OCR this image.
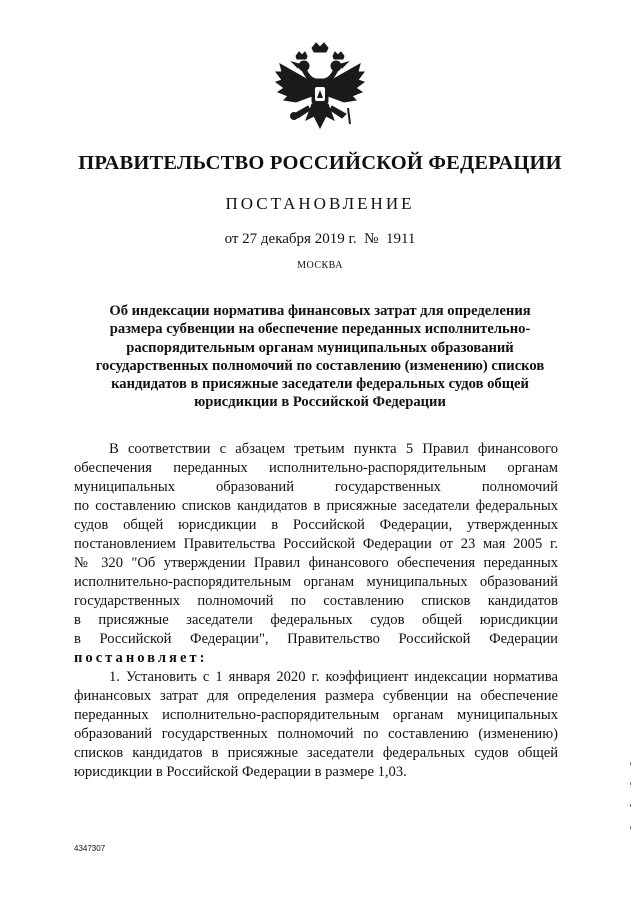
ПРАВИТЕЛЬСТВО РОССИЙСКОЙ ФЕДЕРАЦИИ
ПОСТАНОВЛЕНИЕ
от 27 декабря 2019 г.  №  1911
МОСКВА
Об индексации норматива финансовых затрат для определения
размера субвенции на обеспечение переданных исполнительно-
распорядительным органам муниципальных образований
государственных полномочий по составлению (изменению) списков
кандидатов в присяжные заседатели федеральных судов общей
юрисдикции в Российской Федерации
В соответствии с абзацем третьим пункта 5 Правил финансового
обеспечения переданных исполнительно-распорядительным органам
муниципальных образований государственных полномочий
по составлению списков кандидатов в присяжные заседатели федеральных
судов общей юрисдикции в Российской Федерации, утвержденных
постановлением Правительства Российской Федерации от 23 мая 2005 г.
№ 320 "Об утверждении Правил финансового обеспечения переданных
исполнительно-распорядительным органам муниципальных образований
государственных полномочий по составлению списков кандидатов
в присяжные заседатели федеральных судов общей юрисдикции
в Российской Федерации", Правительство Российской Федерации
постановляет:
1. Установить с 1 января 2020 г. коэффициент индексации норматива
финансовых затрат для определения размера субвенции на обеспечение
переданных исполнительно-распорядительным органам муниципальных
образований государственных полномочий по составлению (изменению)
списков кандидатов в присяжные заседатели федеральных судов общей
юрисдикции в Российской Федерации в размере 1,03.
4347307
